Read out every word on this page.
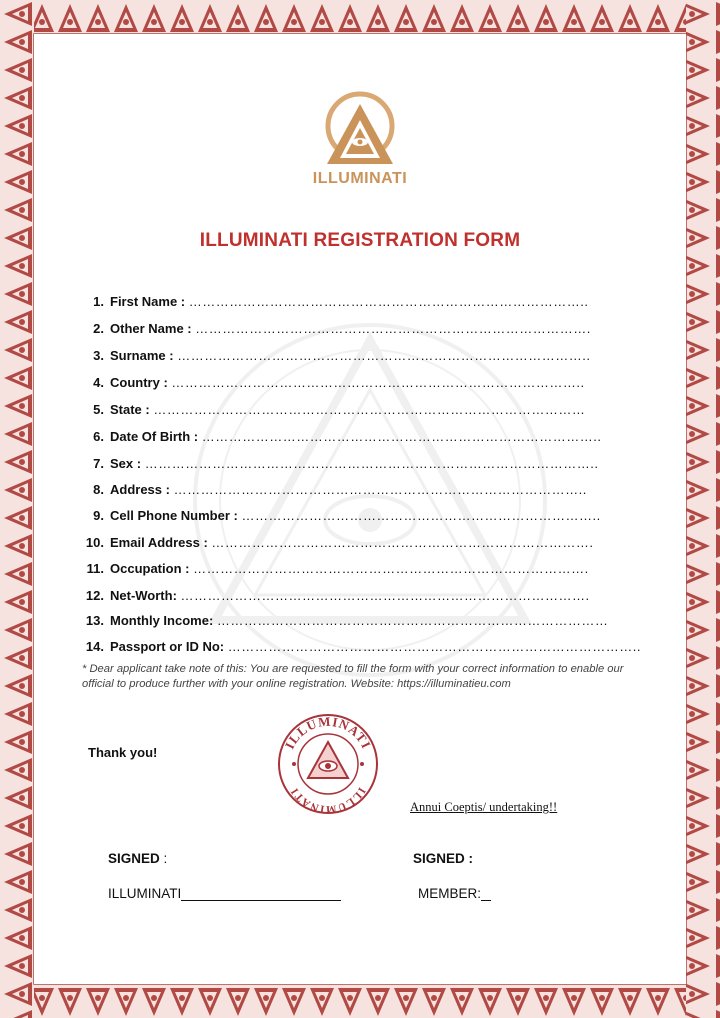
ILLUMINATI
ILLUMINATI REGISTRATION FORM
1. First Name : ……………………………………………………………………………..
2. Other Name : …………………………………………………………………………….
3. Surname : ………………………………………………………………………………..
4. Country : ………………………………………………………………………………..
5. State : ……………………………………………………………………………………
6. Date Of Birth : ……………………………………………………………………………..
7. Sex : ………………………………………………………………………………………..
8. Address : ………………………………………………………………………………..
9. Cell Phone Number : ……………………………………………………………………..
10. Email Address : ………………………………………………………………………….
11. Occupation : …………………………………………………………………………….
12. Net-Worth: ……………………………………………………………………………….
13. Monthly Income: ……………………………………………………………………………
14. Passport or ID No: ………………………………………………………………………………..
* Dear applicant take note of this: You are requested to fill the form with your correct information to enable our official to produce further with your online registration. Website: https://illuminatieu.com
Thank you!	ILLUMINATI
ILLUMINATI
Annui Coeptis/ undertaking!!
SIGNED :	SIGNED :
ILLUMINATI	MEMBER:
